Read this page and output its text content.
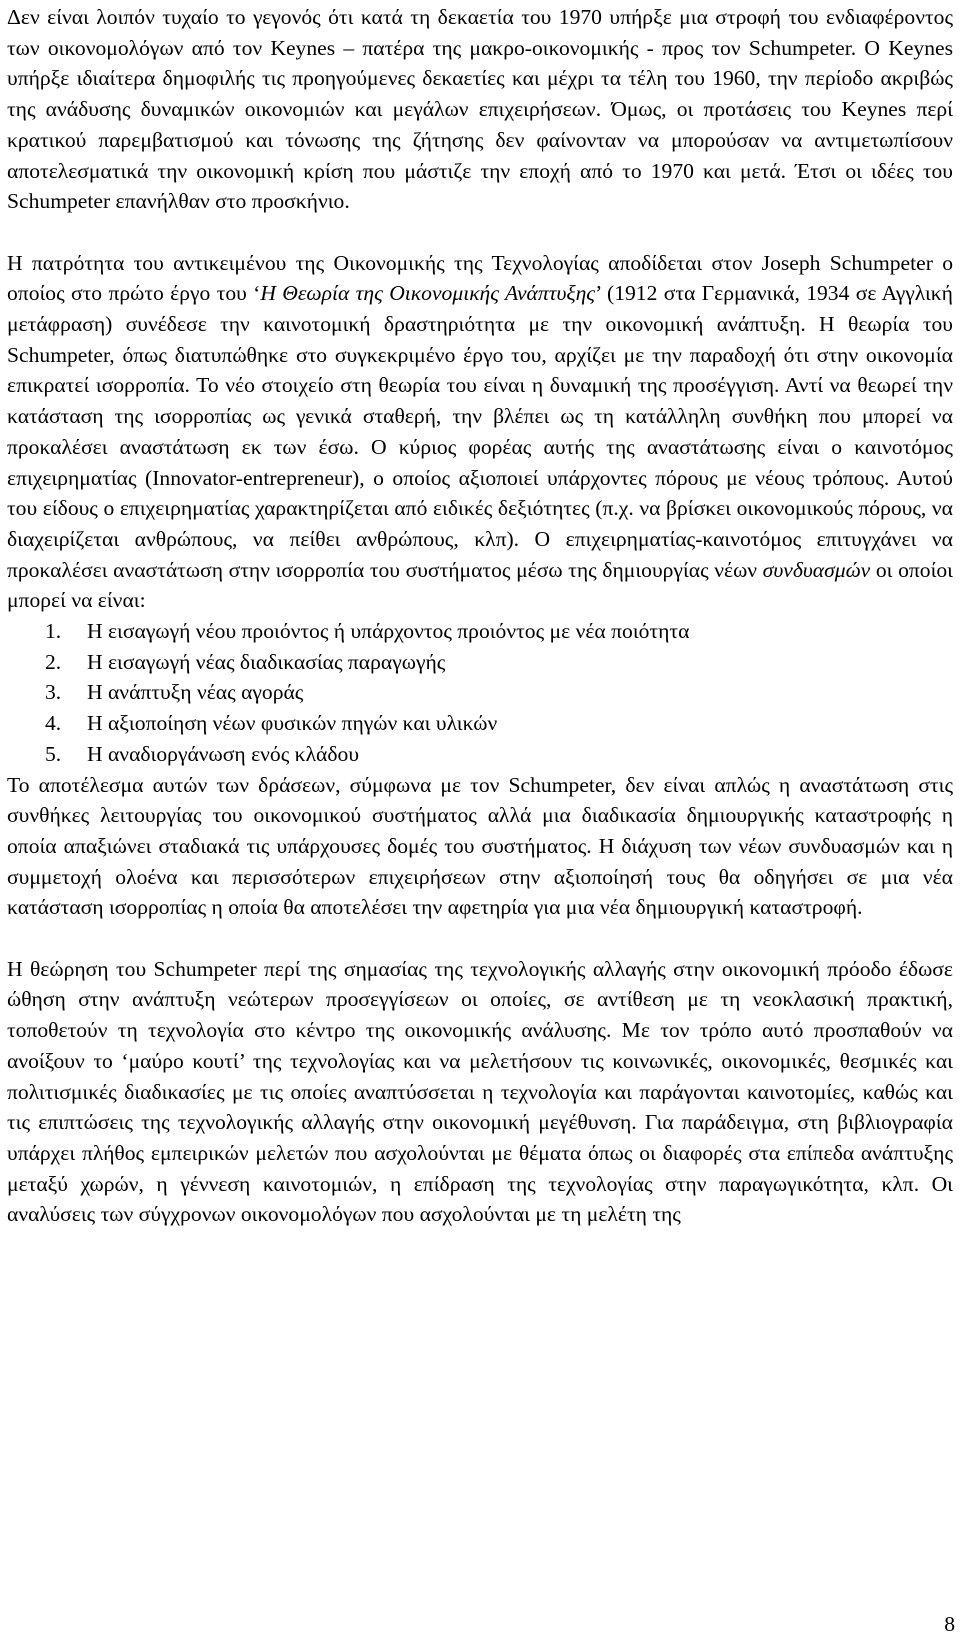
Δεν είναι λοιπόν τυχαίο το γεγονός ότι κατά τη δεκαετία του 1970 υπήρξε μια στροφή του ενδιαφέροντος των οικονομολόγων από τον Keynes – πατέρα της μακρο-οικονομικής - προς τον Schumpeter. Ο Keynes υπήρξε ιδιαίτερα δημοφιλής τις προηγούμενες δεκαετίες και μέχρι τα τέλη του 1960, την περίοδο ακριβώς της ανάδυσης δυναμικών οικονομιών και μεγάλων επιχειρήσεων. Όμως, οι προτάσεις του Keynes περί κρατικού παρεμβατισμού και τόνωσης της ζήτησης δεν φαίνονταν να μπορούσαν να αντιμετωπίσουν αποτελεσματικά την οικονομική κρίση που μάστιζε την εποχή από το 1970 και μετά. Έτσι οι ιδέες του Schumpeter επανήλθαν στο προσκήνιο.

Η πατρότητα του αντικειμένου της Οικονομικής της Τεχνολογίας αποδίδεται στον Joseph Schumpeter ο οποίος στο πρώτο έργο του ‘Η Θεωρία της Οικονομικής Ανάπτυξης’ (1912 στα Γερμανικά, 1934 σε Αγγλική μετάφραση) συνέδεσε την καινοτομική δραστηριότητα με την οικονομική ανάπτυξη. Η θεωρία του Schumpeter, όπως διατυπώθηκε στο συγκεκριμένο έργο του, αρχίζει με την παραδοχή ότι στην οικονομία επικρατεί ισορροπία. Το νέο στοιχείο στη θεωρία του είναι η δυναμική της προσέγγιση. Αντί να θεωρεί την κατάσταση της ισορροπίας ως γενικά σταθερή, την βλέπει ως τη κατάλληλη συνθήκη που μπορεί να προκαλέσει αναστάτωση εκ των έσω. Ο κύριος φορέας αυτής της αναστάτωσης είναι ο καινοτόμος επιχειρηματίας (Innovator-entrepreneur), ο οποίος αξιοποιεί υπάρχοντες πόρους με νέους τρόπους. Αυτού του είδους ο επιχειρηματίας χαρακτηρίζεται από ειδικές δεξιότητες (π.χ. να βρίσκει οικονομικούς πόρους, να διαχειρίζεται ανθρώπους, να πείθει ανθρώπους, κλπ). Ο επιχειρηματίας-καινοτόμος επιτυγχάνει να προκαλέσει αναστάτωση στην ισορροπία του συστήματος μέσω της δημιουργίας νέων συνδυασμών οι οποίοι μπορεί να είναι:

1. Η εισαγωγή νέου προιόντος ή υπάρχοντος προιόντος με νέα ποιότητα
2. Η εισαγωγή νέας διαδικασίας παραγωγής
3. Η ανάπτυξη νέας αγοράς
4. Η αξιοποίηση νέων φυσικών πηγών και υλικών
5. Η αναδιοργάνωση ενός κλάδου

Το αποτέλεσμα αυτών των δράσεων, σύμφωνα με τον Schumpeter, δεν είναι απλώς η αναστάτωση στις συνθήκες λειτουργίας του οικονομικού συστήματος αλλά μια διαδικασία δημιουργικής καταστροφής η οποία απαξιώνει σταδιακά τις υπάρχουσες δομές του συστήματος. Η διάχυση των νέων συνδυασμών και η συμμετοχή ολοένα και περισσότερων επιχειρήσεων στην αξιοποίησή τους θα οδηγήσει σε μια νέα κατάσταση ισορροπίας η οποία θα αποτελέσει την αφετηρία για μια νέα δημιουργική καταστροφή.

Η θεώρηση του Schumpeter περί της σημασίας της τεχνολογικής αλλαγής στην οικονομική πρόοδο έδωσε ώθηση στην ανάπτυξη νεώτερων προσεγγίσεων οι οποίες, σε αντίθεση με τη νεοκλασική πρακτική, τοποθετούν τη τεχνολογία στο κέντρο της οικονομικής ανάλυσης. Με τον τρόπο αυτό προσπαθούν να ανοίξουν το ‘μαύρο κουτί’ της τεχνολογίας και να μελετήσουν τις κοινωνικές, οικονομικές, θεσμικές και πολιτισμικές διαδικασίες με τις οποίες αναπτύσσεται η τεχνολογία και παράγονται καινοτομίες, καθώς και τις επιπτώσεις της τεχνολογικής αλλαγής στην οικονομική μεγέθυνση. Για παράδειγμα, στη βιβλιογραφία υπάρχει πλήθος εμπειρικών μελετών που ασχολούνται με θέματα όπως οι διαφορές στα επίπεδα ανάπτυξης μεταξύ χωρών, η γέννεση καινοτομιών, η επίδραση της τεχνολογίας στην παραγωγικότητα, κλπ. Οι αναλύσεις των σύγχρονων οικονομολόγων που ασχολούνται με τη μελέτη της

8
